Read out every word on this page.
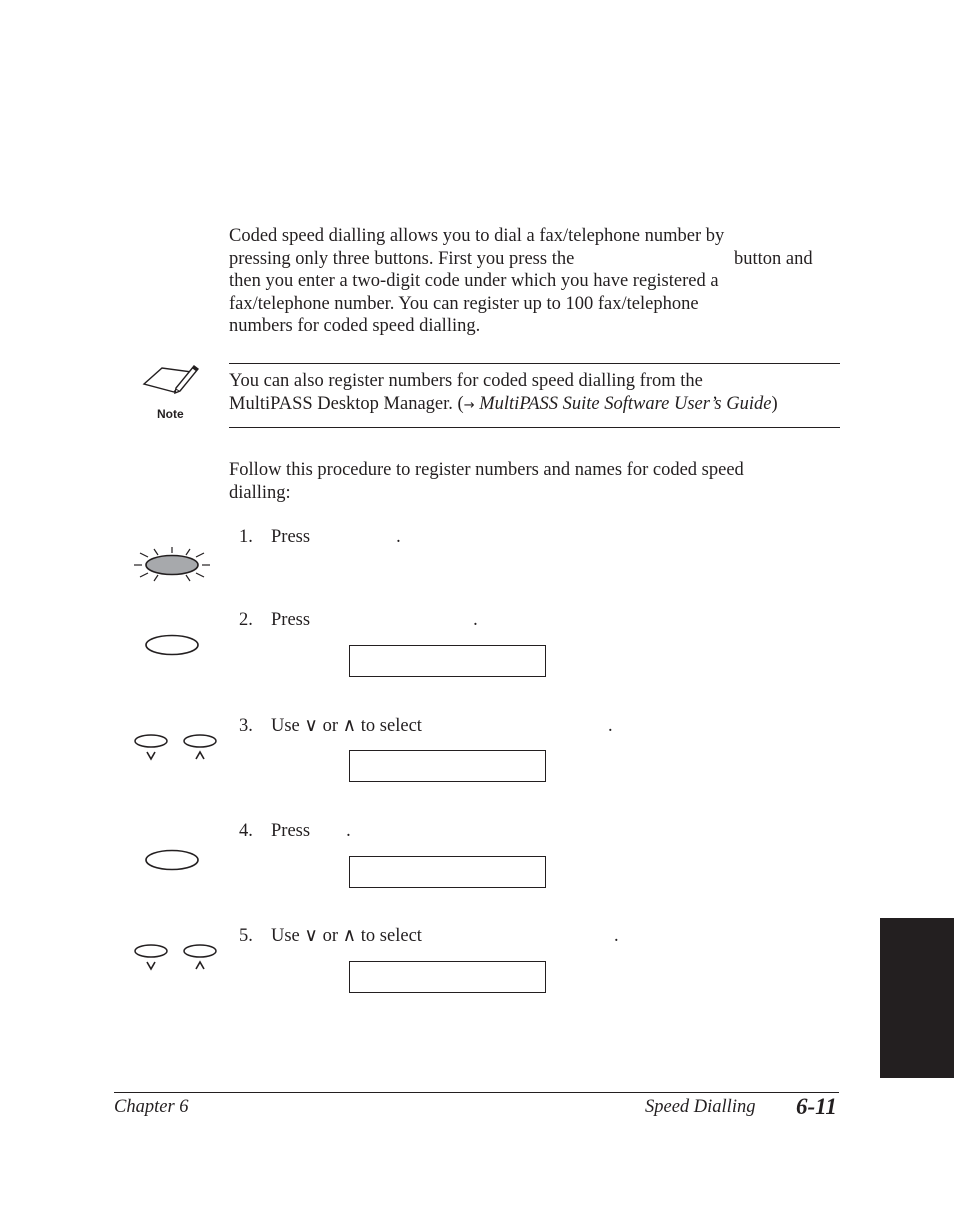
Coded speed dialling allows you to dial a fax/telephone number by
pressing only three buttons. First you press the	button and
then you enter a two-digit code under which you have registered a
fax/telephone number. You can register up to 100 fax/telephone
numbers for coded speed dialling.
Note
You can also register numbers for coded speed dialling from the
MultiPASS Desktop Manager. (→ MultiPASS Suite Software User’s Guide)
Follow this procedure to register numbers and names for coded speed
dialling:
1. Press	.
2. Press	.
3. Use ∨ or ∧ to select	.
4. Press .
5. Use ∨ or ∧ to select	.
Chapter 6	Speed Dialling 6-11
